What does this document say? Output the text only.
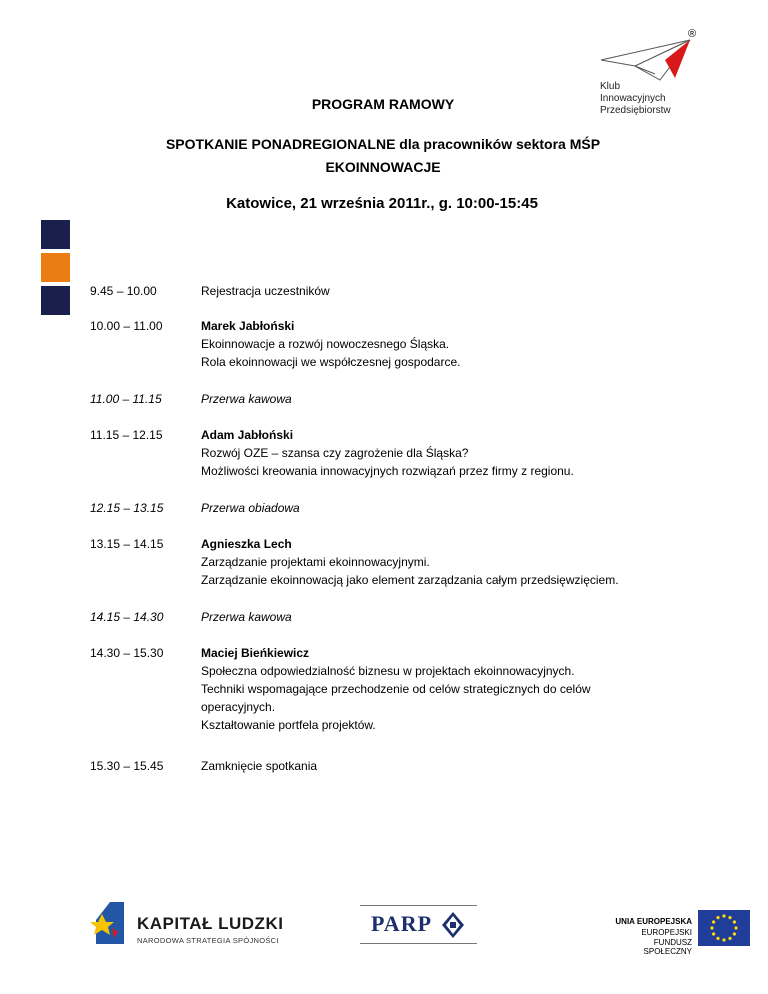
®
Klub
Innowacyjnych
Przedsiębiorstw
PROGRAM RAMOWY
SPOTKANIE PONADREGIONALNE dla pracowników sektora MŚP
EKOINNOWACJE
Katowice, 21 września 2011r., g. 10:00-15:45
9.45 – 10.00	Rejestracja uczestników
10.00 – 11.00	Marek Jabłoński
Ekoinnowacje a rozwój nowoczesnego Śląska.
Rola ekoinnowacji we współczesnej gospodarce.
11.00 – 11.15	Przerwa kawowa
11.15 – 12.15	Adam Jabłoński
Rozwój OZE – szansa czy zagrożenie dla Śląska?
Możliwości kreowania innowacyjnych rozwiązań przez firmy z regionu.
12.15 – 13.15	Przerwa obiadowa
13.15 – 14.15	Agnieszka Lech
Zarządzanie projektami ekoinnowacyjnymi.
Zarządzanie ekoinnowacją jako element zarządzania całym przedsięwzięciem.
14.15 – 14.30	Przerwa kawowa
14.30 – 15.30	Maciej Bieńkiewicz
Społeczna odpowiedzialność biznesu w projektach ekoinnowacyjnych.
Techniki wspomagające przechodzenie od celów strategicznych do celów
operacyjnych.
Kształtowanie portfela projektów.
15.30 – 15.45	Zamknięcie spotkania
KAPITAŁ LUDZKI
NARODOWA STRATEGIA SPÓJNOŚCI
PARP	UNIA EUROPEJSKA
EUROPEJSKI
FUNDUSZ SPOŁECZNY
